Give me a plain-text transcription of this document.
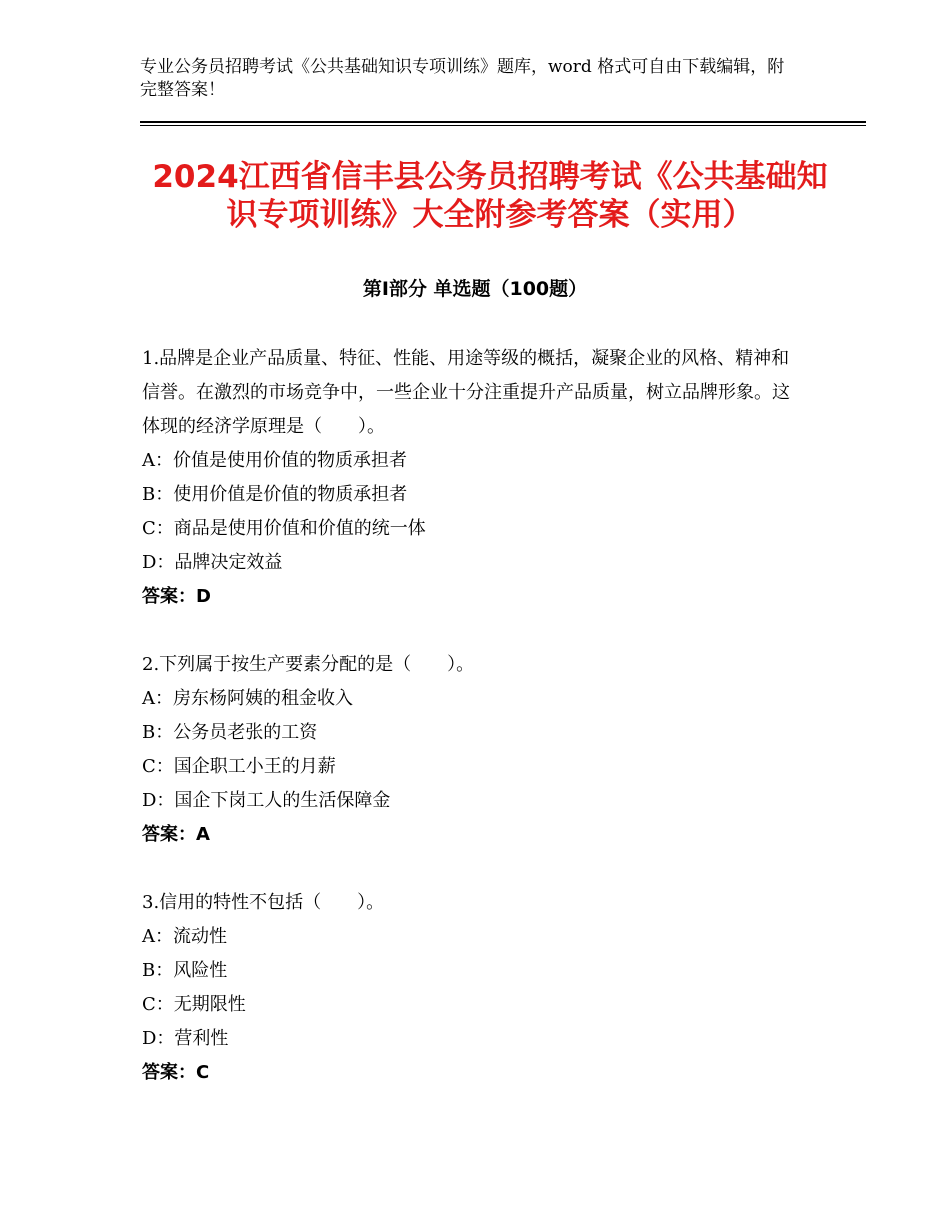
专业公务员招聘考试《公共基础知识专项训练》题库，word 格式可自由下载编辑，附完整答案！
2024江西省信丰县公务员招聘考试《公共基础知识专项训练》大全附参考答案（实用）
第Ⅰ部分 单选题（100题）

1.品牌是企业产品质量、特征、性能、用途等级的概括，凝聚企业的风格、精神和信誉。在激烈的市场竞争中，一些企业十分注重提升产品质量，树立品牌形象。这体现的经济学原理是（　　）。

A：价值是使用价值的物质承担者

B：使用价值是价值的物质承担者

C：商品是使用价值和价值的统一体

D：品牌决定效益

答案：D

2.下列属于按生产要素分配的是（　　）。

A：房东杨阿姨的租金收入

B：公务员老张的工资

C：国企职工小王的月薪

D：国企下岗工人的生活保障金

答案：A

3.信用的特性不包括（　　）。

A：流动性

B：风险性

C：无期限性

D：营利性

答案：C
